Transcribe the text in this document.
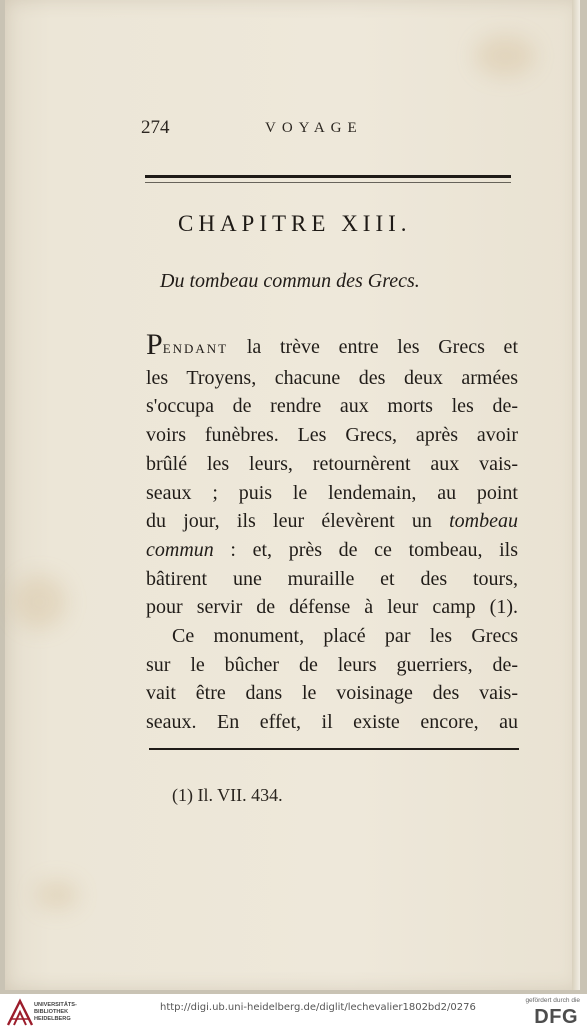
274	VOYAGE
CHAPITRE XIII.
Du tombeau commun des Grecs.
PENDANT la trève entre les Grecs et
les Troyens, chacune des deux armées
s'occupa de rendre aux morts les de-
voirs funèbres. Les Grecs, après avoir
brûlé les leurs, retournèrent aux vais-
seaux ; puis le lendemain, au point
du jour, ils leur élevèrent un tombeau
commun : et, près de ce tombeau, ils
bâtirent une muraille et des tours,
pour servir de défense à leur camp (1).
Ce monument, placé par les Grecs
sur le bûcher de leurs guerriers, de-
vait être dans le voisinage des vais-
seaux. En effet, il existe encore, au
(1) Il. VII. 434.
UNIVERSITÄTS-
BIBLIOTHEK
HEIDELBERG
http://digi.ub.uni-heidelberg.de/diglit/lechevalier1802bd2/0276
gefördert durch die
DFG
